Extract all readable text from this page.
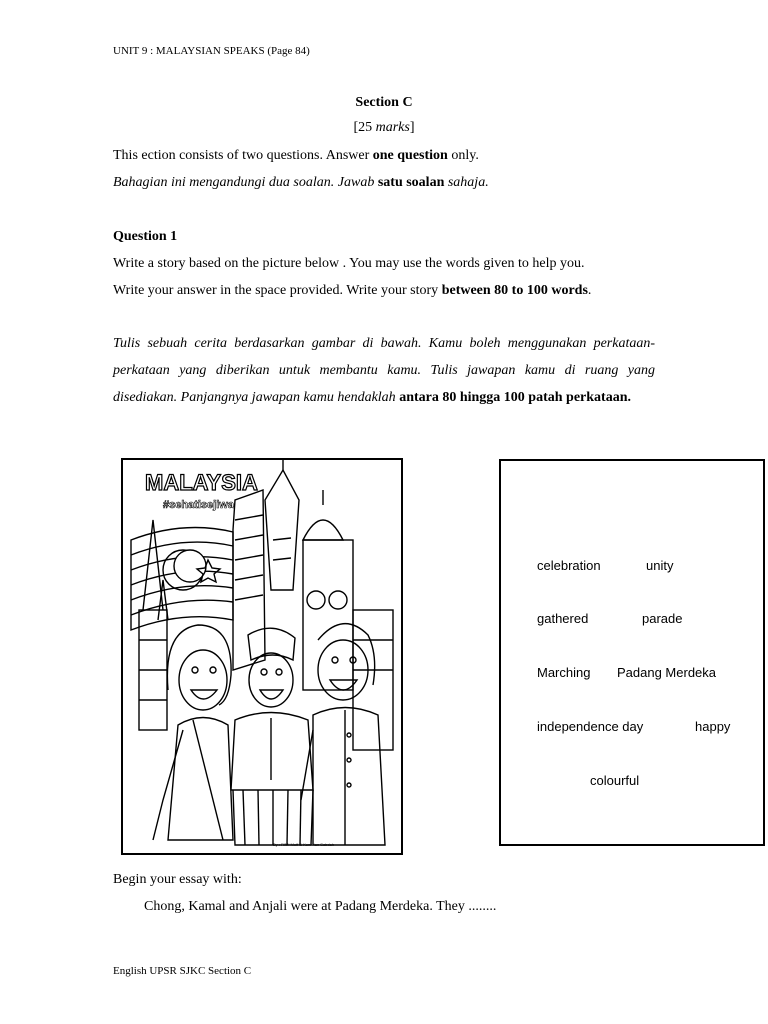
UNIT 9 : MALAYSIAN SPEAKS (Page 84)
Section C
[25 marks]
This ection consists of two questions. Answer one question only.
Bahagian ini mengandungi dua soalan. Jawab satu soalan sahaja.
Question 1
Write a story based on the picture below . You may use the words given to help you.
Write your answer in the space provided. Write your story between 80 to 100 words.
Tulis sebuah cerita berdasarkan gambar di bawah. Kamu boleh menggunakan perkataan-perkataan yang diberikan untuk membantu kamu. Tulis jawapan kamu di ruang yang disediakan. Panjangnya jawapan kamu hendaklah antara 80 hingga 100 patah perkataan.
MALAYSIA
#sehatisejiwa
By : RIMI Moff & Kenarian Sabdah
celebration	unity
gathered	parade
Marching Padang Merdeka
independence day	happy
colourful
Begin your essay with:
Chong, Kamal and Anjali were at Padang Merdeka. They ........
English UPSR SJKC Section C
